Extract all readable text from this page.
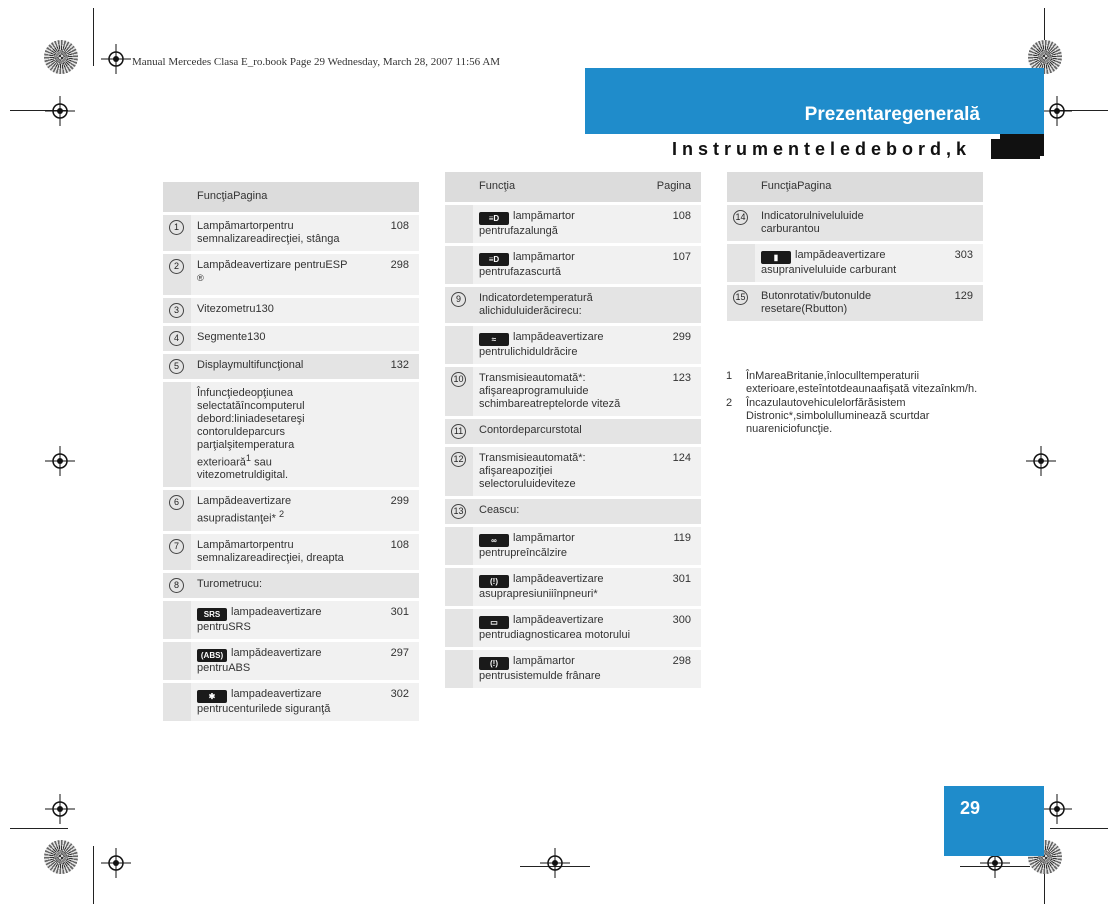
Manual Mercedes Clasa E_ro.book Page 29 Wednesday, March 28, 2007 11:56 AM
Prezentaregenerală
Instrumenteledebord,k
	FuncţiaPagina	
1	Lampămartorpentru semnalizareadirecţiei, stânga	108
2	Lampădeavertizare pentruESP ®	298
3	Vitezometru130	
4	Segmente130	
5	Displaymultifuncţional	132
	Înfuncţiedeopţiunea selectatăîncomputerul debord:liniadesetareşi contoruldeparcurs parţialşitemperatura exterioară$^1$ sau vitezometruldigital.	
6	Lampădeavertizare asupradistanţei* $^2$	299
7	Lampămartorpentru semnalizareadirecţiei, dreapta	108
8	Turometrucu:	
	SRS lampadeavertizare pentruSRS	301
	(ABS) lampădeavertizare pentruABS	297
	✱ lampadeavertizare pentrucenturilede siguranţă	302
	Funcţia	Pagina
	≡D lampămartor pentrufazalungă	108
	≡D lampămartor pentrufazascurtă	107
9	Indicatordetemperatură alichiduluiderăcirecu:	
	≈ lampădeavertizare pentrulichiduldrăcire	299
10	Transmisieautomată*: afişareaprogramuluide schimbareatreptelorde viteză	123
11	Contordeparcurstotal	
12	Transmisieautomată*: afişareapoziţiei selectoruluideviteze	124
13	Ceascu:	
	∞ lampămartor pentrupreîncălzire	119
	(!) lampădeavertizare asuprapresiuniiînpneuri*	301
	▭ lampădeavertizare pentrudiagnosticarea motorului	300
	(!) lampămartor pentrusistemulde frânare	298
	FuncţiaPagina	
14	Indicatorulniveluluide carburantou	
	▮ lampădeavertizare asupraniveluluide carburant	303
15	Butonrotativ/butonulde resetare(Rbutton)	129
1	ÎnMareaBritanie,înloculltemperaturii exterioare,esteîntotdeaunaafişată vitezaînkm/h.
2	Încazulautovehiculelorfărăsistem Distronic*,simbolulluminează scurtdar nuareniciofuncţie.
29
